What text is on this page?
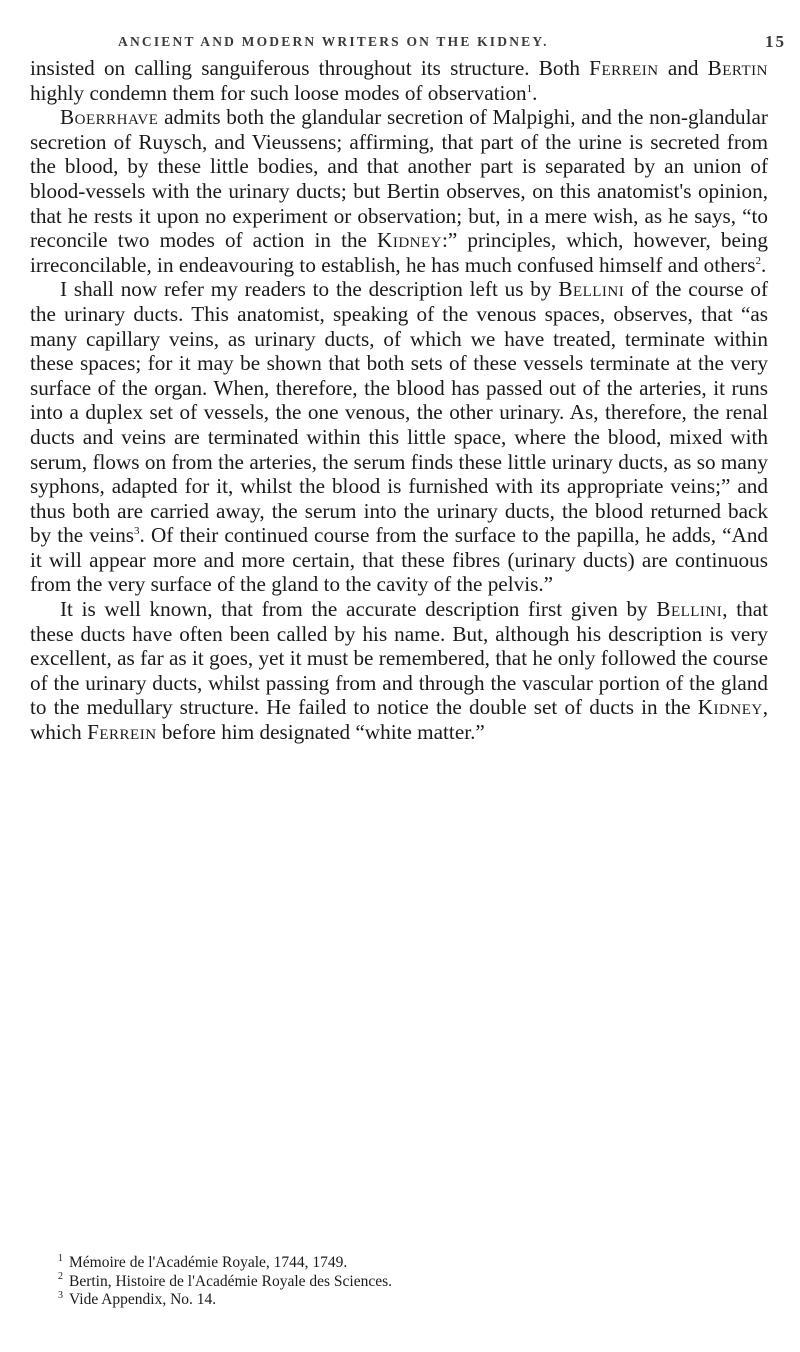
ANCIENT AND MODERN WRITERS ON THE KIDNEY.	15

insisted on calling sanguiferous throughout its structure. Both Ferrein and Bertin highly condemn them for such loose modes of observation$^1$.

Boerrhave admits both the glandular secretion of Malpighi, and the non-glandular secretion of Ruysch, and Vieussens; affirming, that part of the urine is secreted from the blood, by these little bodies, and that another part is separated by an union of blood-vessels with the urinary ducts; but Bertin observes, on this anatomist's opinion, that he rests it upon no experiment or observation; but, in a mere wish, as he says, “to reconcile two modes of action in the Kidney:” principles, which, however, being irreconcilable, in endeavouring to establish, he has much confused himself and others$^2$.

I shall now refer my readers to the description left us by Bellini of the course of the urinary ducts. This anatomist, speaking of the venous spaces, observes, that “as many capillary veins, as urinary ducts, of which we have treated, terminate within these spaces; for it may be shown that both sets of these vessels terminate at the very surface of the organ. When, therefore, the blood has passed out of the arteries, it runs into a duplex set of vessels, the one venous, the other urinary. As, therefore, the renal ducts and veins are terminated within this little space, where the blood, mixed with serum, flows on from the arteries, the serum finds these little urinary ducts, as so many syphons, adapted for it, whilst the blood is furnished with its appropriate veins;” and thus both are carried away, the serum into the urinary ducts, the blood returned back by the veins$^3$. Of their continued course from the surface to the papilla, he adds, “And it will appear more and more certain, that these fibres (urinary ducts) are continuous from the very surface of the gland to the cavity of the pelvis.”

It is well known, that from the accurate description first given by Bellini, that these ducts have often been called by his name. But, although his description is very excellent, as far as it goes, yet it must be remembered, that he only followed the course of the urinary ducts, whilst passing from and through the vascular portion of the gland to the medullary structure. He failed to notice the double set of ducts in the Kidney, which Ferrein before him designated “white matter.”

$^1$ Mémoire de l'Académie Royale, 1744, 1749.
$^2$ Bertin, Histoire de l'Académie Royale des Sciences.
$^3$ Vide Appendix, No. 14.
